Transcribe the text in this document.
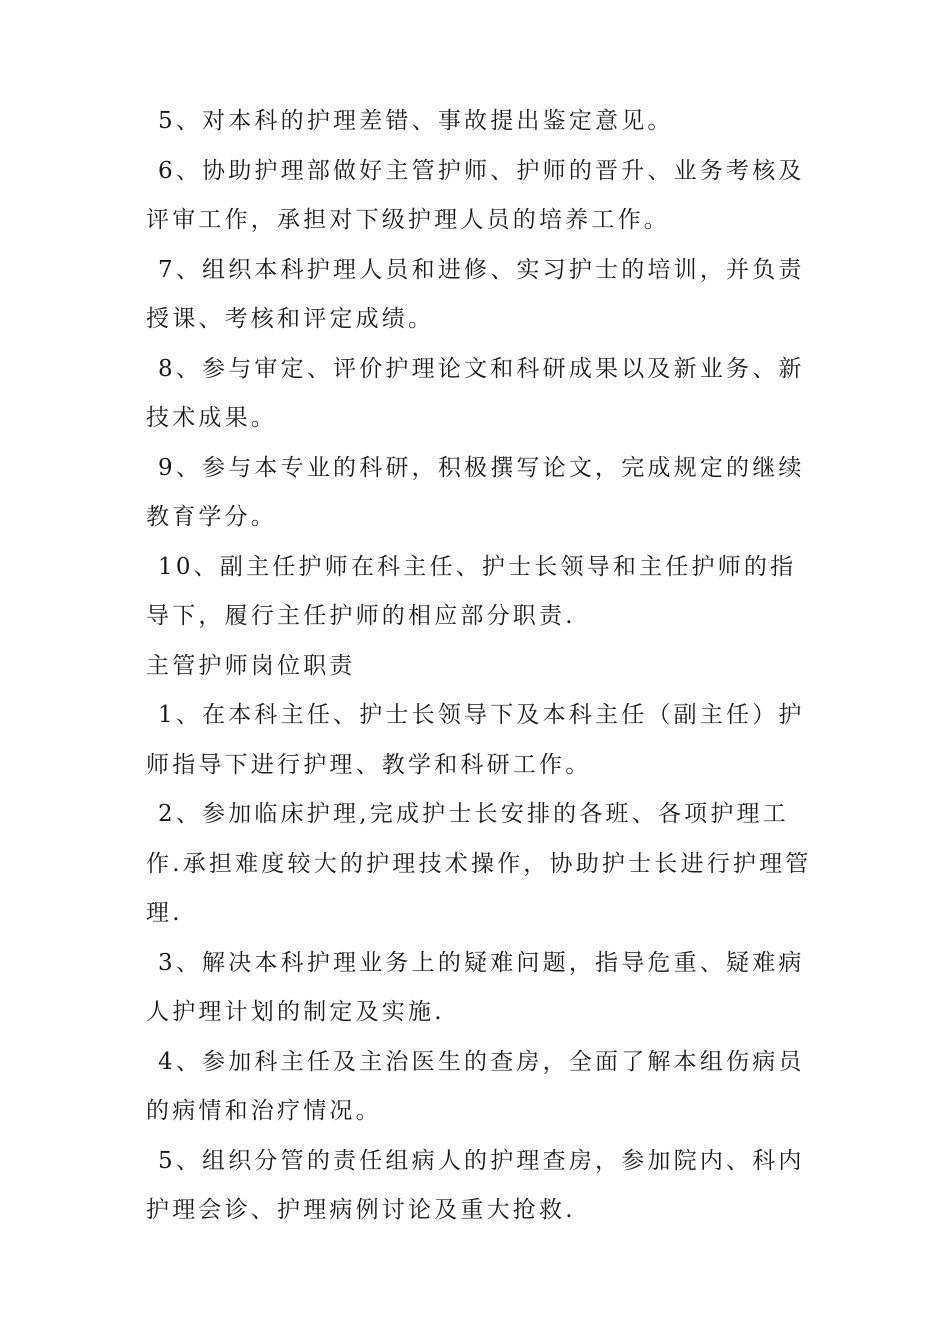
5、对本科的护理差错、事故提出鉴定意见。

6、协助护理部做好主管护师、护师的晋升、业务考核及评审工作，承担对下级护理人员的培养工作。

7、组织本科护理人员和进修、实习护士的培训，并负责授课、考核和评定成绩。

8、参与审定、评价护理论文和科研成果以及新业务、新技术成果。

9、参与本专业的科研，积极撰写论文，完成规定的继续教育学分。

10、副主任护师在科主任、护士长领导和主任护师的指导下，履行主任护师的相应部分职责.

主管护师岗位职责

1、在本科主任、护士长领导下及本科主任（副主任）护师指导下进行护理、教学和科研工作。

2、参加临床护理,完成护士长安排的各班、各项护理工作.承担难度较大的护理技术操作，协助护士长进行护理管理.

3、解决本科护理业务上的疑难问题，指导危重、疑难病人护理计划的制定及实施.

4、参加科主任及主治医生的查房，全面了解本组伤病员的病情和治疗情况。

5、组织分管的责任组病人的护理查房，参加院内、科内护理会诊、护理病例讨论及重大抢救.
